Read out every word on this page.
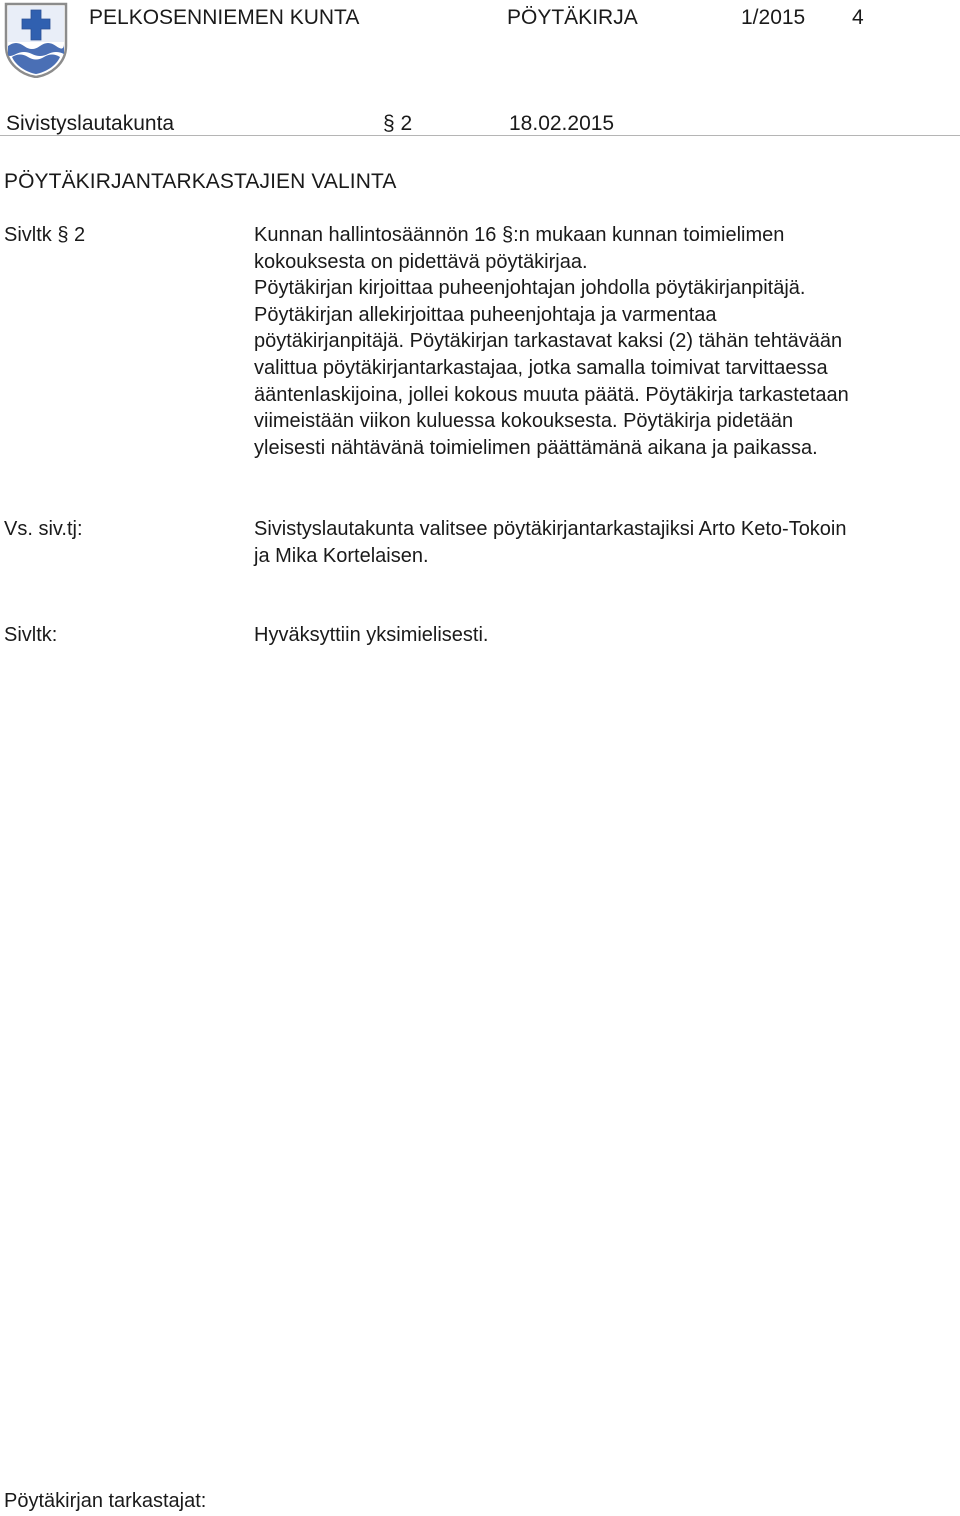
PELKOSENNIEMEN KUNTA	PÖYTÄKIRJA	1/2015 4
Sivistyslautakunta	§ 2	18.02.2015
PÖYTÄKIRJANTARKASTAJIEN VALINTA
Sivltk § 2	Kunnan hallintosäännön 16 §:n mukaan kunnan toimielimen
kokouksesta on pidettävä pöytäkirjaa.
Pöytäkirjan kirjoittaa puheenjohtajan johdolla pöytäkirjanpitäjä.
Pöytäkirjan allekirjoittaa puheenjohtaja ja varmentaa
pöytäkirjanpitäjä. Pöytäkirjan tarkastavat kaksi (2) tähän tehtävään
valittua pöytäkirjantarkastajaa, jotka samalla toimivat tarvittaessa
ääntenlaskijoina, jollei kokous muuta päätä. Pöytäkirja tarkastetaan
viimeistään viikon kuluessa kokouksesta. Pöytäkirja pidetään
yleisesti nähtävänä toimielimen päättämänä aikana ja paikassa.
Vs. siv.tj:	Sivistyslautakunta valitsee pöytäkirjantarkastajiksi Arto Keto-Tokoin
ja Mika Kortelaisen.
Sivltk:	Hyväksyttiin yksimielisesti.
Pöytäkirjan tarkastajat:
